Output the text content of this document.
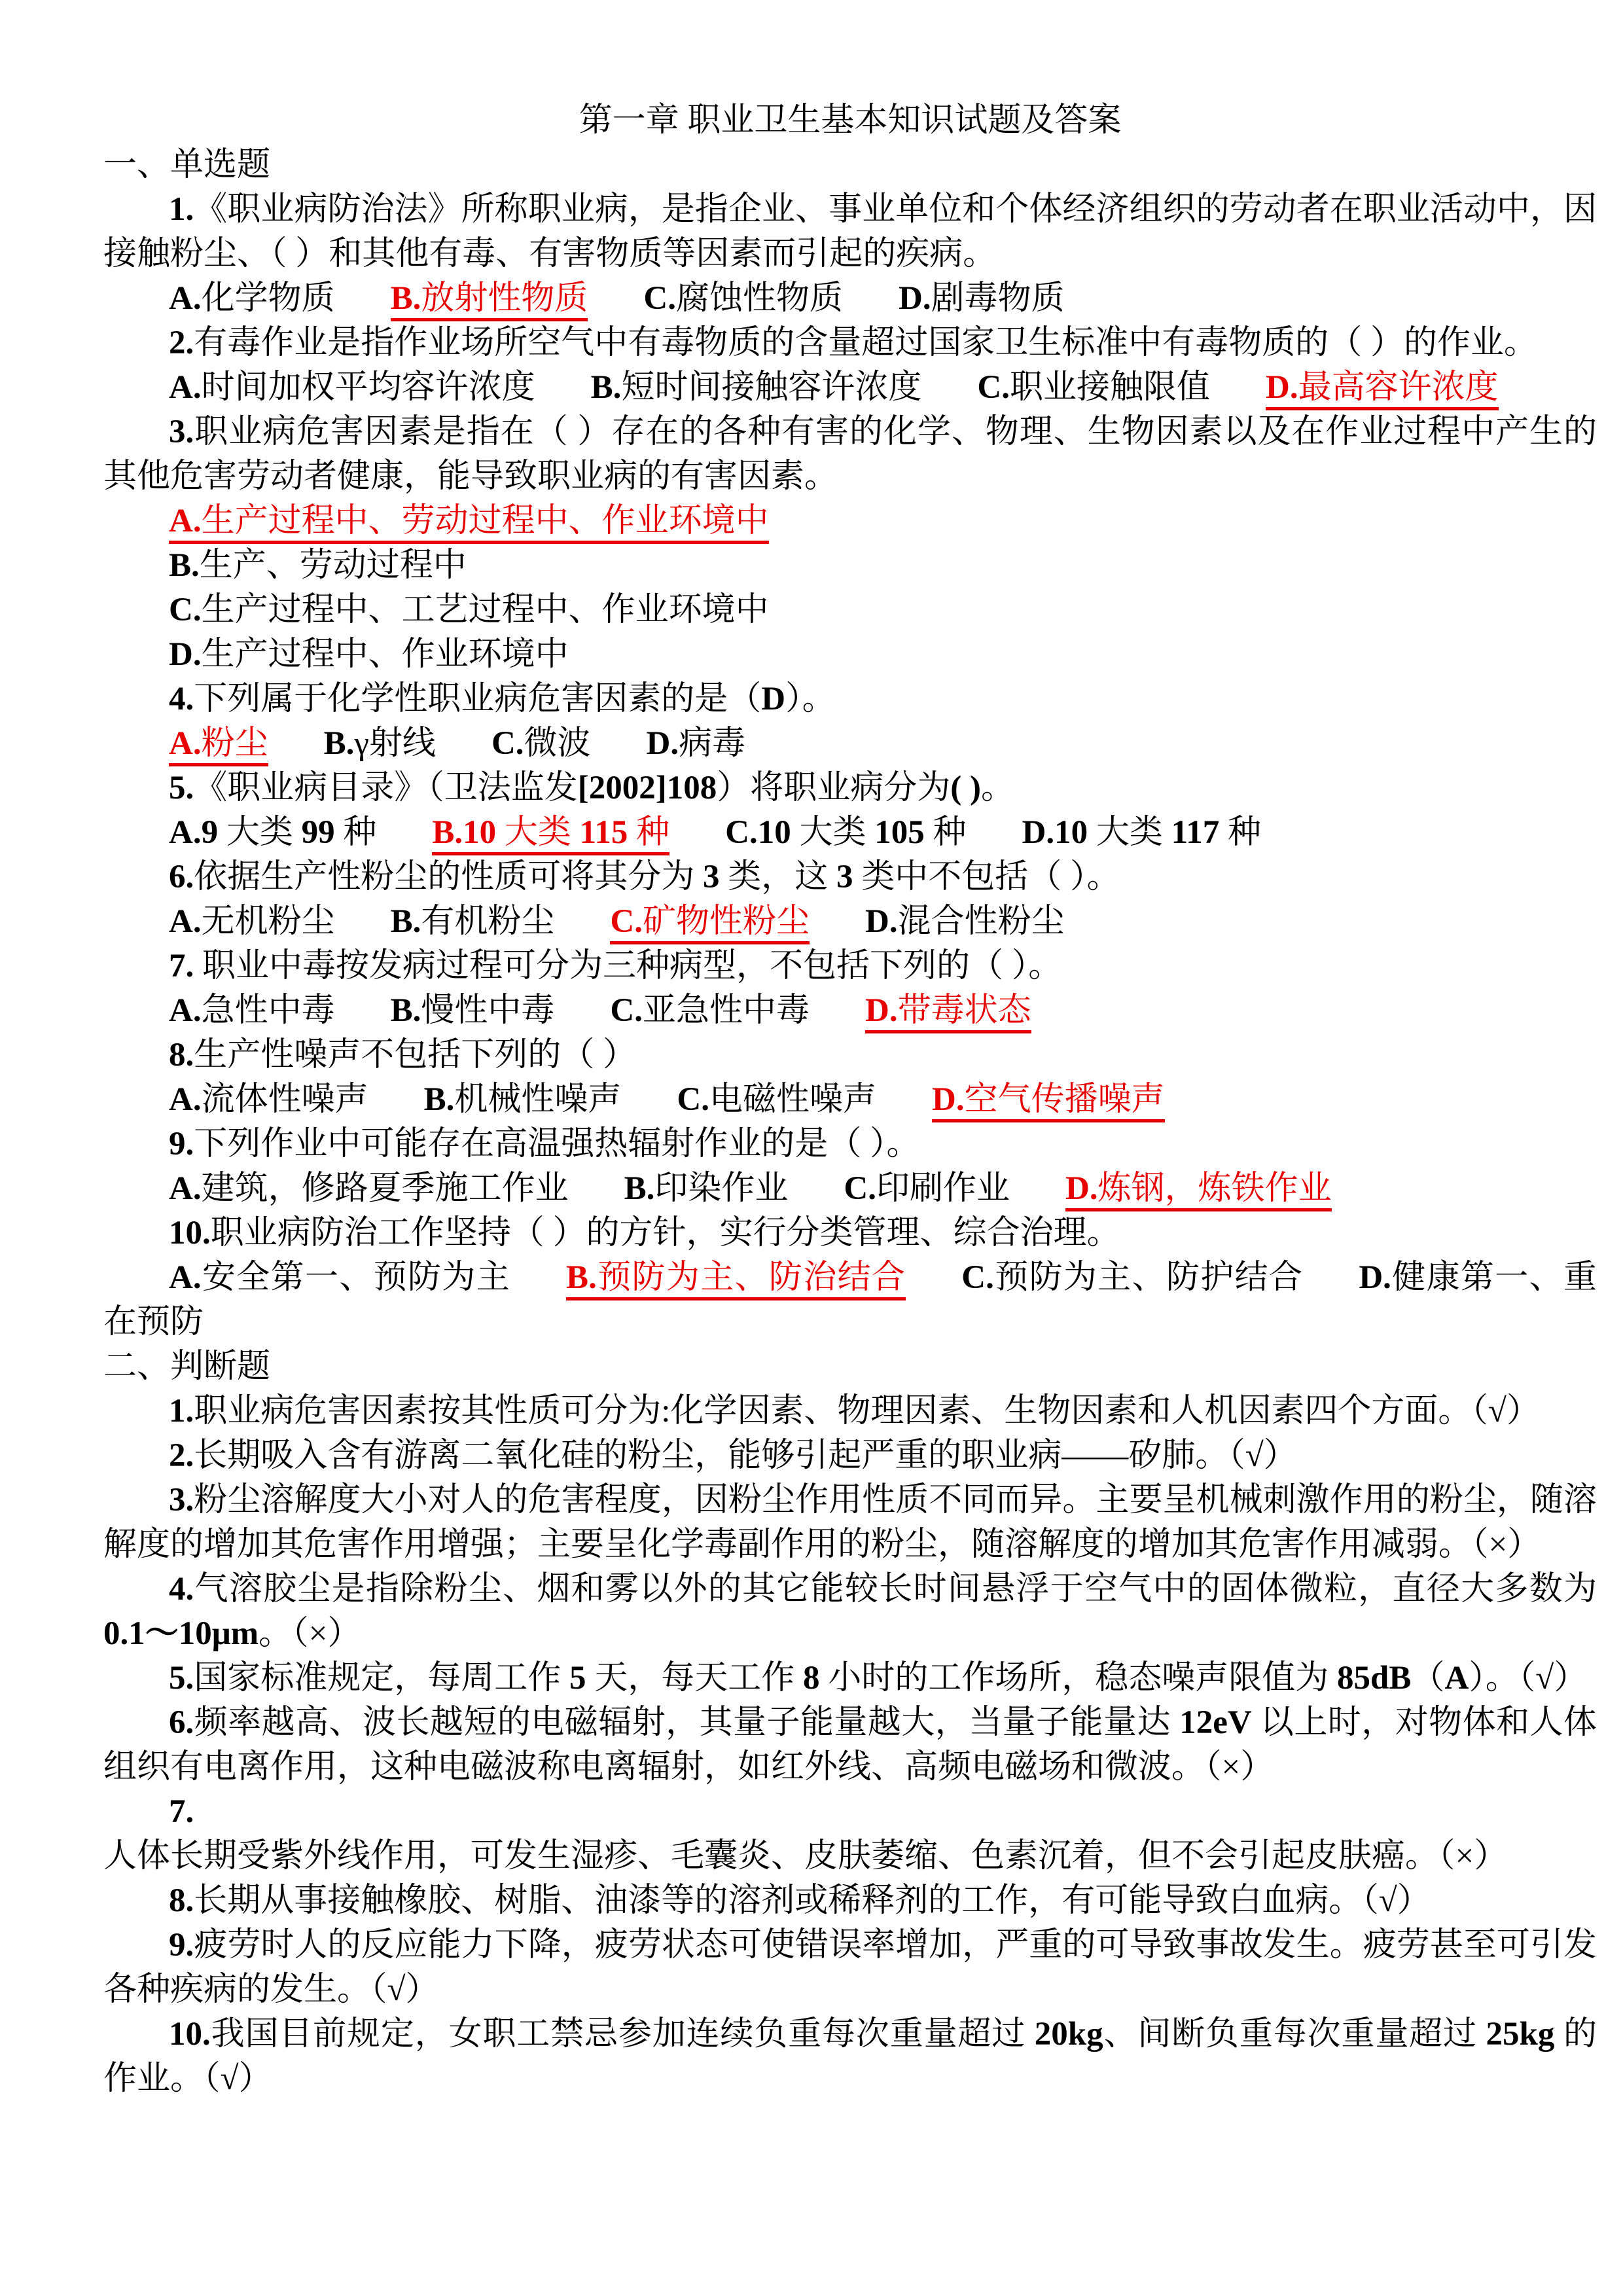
第一章 职业卫生基本知识试题及答案

一、单选题

1.《职业病防治法》所称职业病，是指企业、事业单位和个体经济组织的劳动者在职业活动中，因接触粉尘、（ ）和其他有毒、有害物质等因素而引起的疾病。

A.化学物质 B.放射性物质 C.腐蚀性物质 D.剧毒物质

2.有毒作业是指作业场所空气中有毒物质的含量超过国家卫生标准中有毒物质的（ ）的作业。

A.时间加权平均容许浓度 B.短时间接触容许浓度 C.职业接触限值 D.最高容许浓度

3.职业病危害因素是指在（ ）存在的各种有害的化学、物理、生物因素以及在作业过程中产生的其他危害劳动者健康，能导致职业病的有害因素。

A.生产过程中、劳动过程中、作业环境中

B.生产、劳动过程中

C.生产过程中、工艺过程中、作业环境中

D.生产过程中、作业环境中

4.下列属于化学性职业病危害因素的是（D）。

A.粉尘 B.γ射线 C.微波 D.病毒

5.《职业病目录》（卫法监发[2002]108）将职业病分为( )。

A.9 大类 99 种 B.10 大类 115 种 C.10 大类 105 种 D.10 大类 117 种

6.依据生产性粉尘的性质可将其分为 3 类，这 3 类中不包括（ ）。

A.无机粉尘 B.有机粉尘 C.矿物性粉尘 D.混合性粉尘

7. 职业中毒按发病过程可分为三种病型，不包括下列的（ ）。

A.急性中毒 B.慢性中毒 C.亚急性中毒 D.带毒状态

8.生产性噪声不包括下列的（ ）

A.流体性噪声 B.机械性噪声 C.电磁性噪声 D.空气传播噪声

9.下列作业中可能存在高温强热辐射作业的是（ ）。

A.建筑，修路夏季施工作业 B.印染作业 C.印刷作业 D.炼钢，炼铁作业

10.职业病防治工作坚持（ ）的方针，实行分类管理、综合治理。

A.安全第一、预防为主 B.预防为主、防治结合 C.预防为主、防护结合 D.健康第一、重在预防

二、判断题

1.职业病危害因素按其性质可分为:化学因素、物理因素、生物因素和人机因素四个方面。（√）

2.长期吸入含有游离二氧化硅的粉尘，能够引起严重的职业病——矽肺。（√）

3.粉尘溶解度大小对人的危害程度，因粉尘作用性质不同而异。主要呈机械刺激作用的粉尘，随溶解度的增加其危害作用增强；主要呈化学毒副作用的粉尘，随溶解度的增加其危害作用减弱。（×）

4.气溶胶尘是指除粉尘、烟和雾以外的其它能较长时间悬浮于空气中的固体微粒，直径大多数为 0.1～10μm。（×）

5.国家标准规定，每周工作 5 天，每天工作 8 小时的工作场所，稳态噪声限值为 85dB（A）。（√）

6.频率越高、波长越短的电磁辐射，其量子能量越大，当量子能量达 12eV 以上时，对物体和人体组织有电离作用，这种电磁波称电离辐射，如红外线、高频电磁场和微波。（×）

7.人体长期受紫外线作用，可发生湿疹、毛囊炎、皮肤萎缩、色素沉着，但不会引起皮肤癌。（×）

8.长期从事接触橡胶、树脂、油漆等的溶剂或稀释剂的工作，有可能导致白血病。（√）

9.疲劳时人的反应能力下降，疲劳状态可使错误率增加，严重的可导致事故发生。疲劳甚至可引发各种疾病的发生。（√）

10.我国目前规定，女职工禁忌参加连续负重每次重量超过 20kg、间断负重每次重量超过 25kg 的作业。（√）
